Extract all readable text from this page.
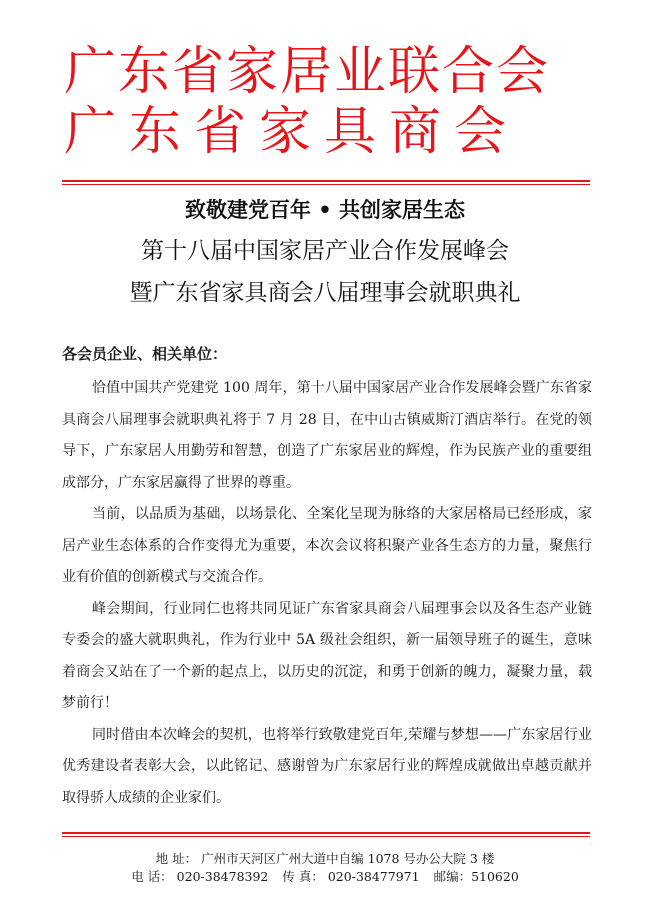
广东省家居业联合会
广东省家具商会
致敬建党百年 • 共创家居生态
第十八届中国家居产业合作发展峰会
暨广东省家具商会八届理事会就职典礼
各会员企业、相关单位：

恰值中国共产党建党 100 周年，第十八届中国家居产业合作发展峰会暨广东省家具商会八届理事会就职典礼将于 7 月 28 日，在中山古镇威斯汀酒店举行。在党的领导下，广东家居人用勤劳和智慧，创造了广东家居业的辉煌，作为民族产业的重要组成部分，广东家居赢得了世界的尊重。

当前，以品质为基础，以场景化、全案化呈现为脉络的大家居格局已经形成，家居产业生态体系的合作变得尤为重要，本次会议将积聚产业各生态方的力量，聚焦行业有价值的创新模式与交流合作。

峰会期间，行业同仁也将共同见证广东省家具商会八届理事会以及各生态产业链专委会的盛大就职典礼，作为行业中 5A 级社会组织，新一届领导班子的诞生，意味着商会又站在了一个新的起点上，以历史的沉淀，和勇于创新的魄力，凝聚力量，载梦前行！

同时借由本次峰会的契机，也将举行致敬建党百年,荣耀与梦想——广东家居行业优秀建设者表彰大会，以此铭记、感谢曾为广东家居行业的辉煌成就做出卓越贡献并取得骄人成绩的企业家们。

地 址： 广州市天河区广州大道中自编 1078 号办公大院 3 楼
电 话： 020-38478392 传 真： 020-38477971 邮编：510620
